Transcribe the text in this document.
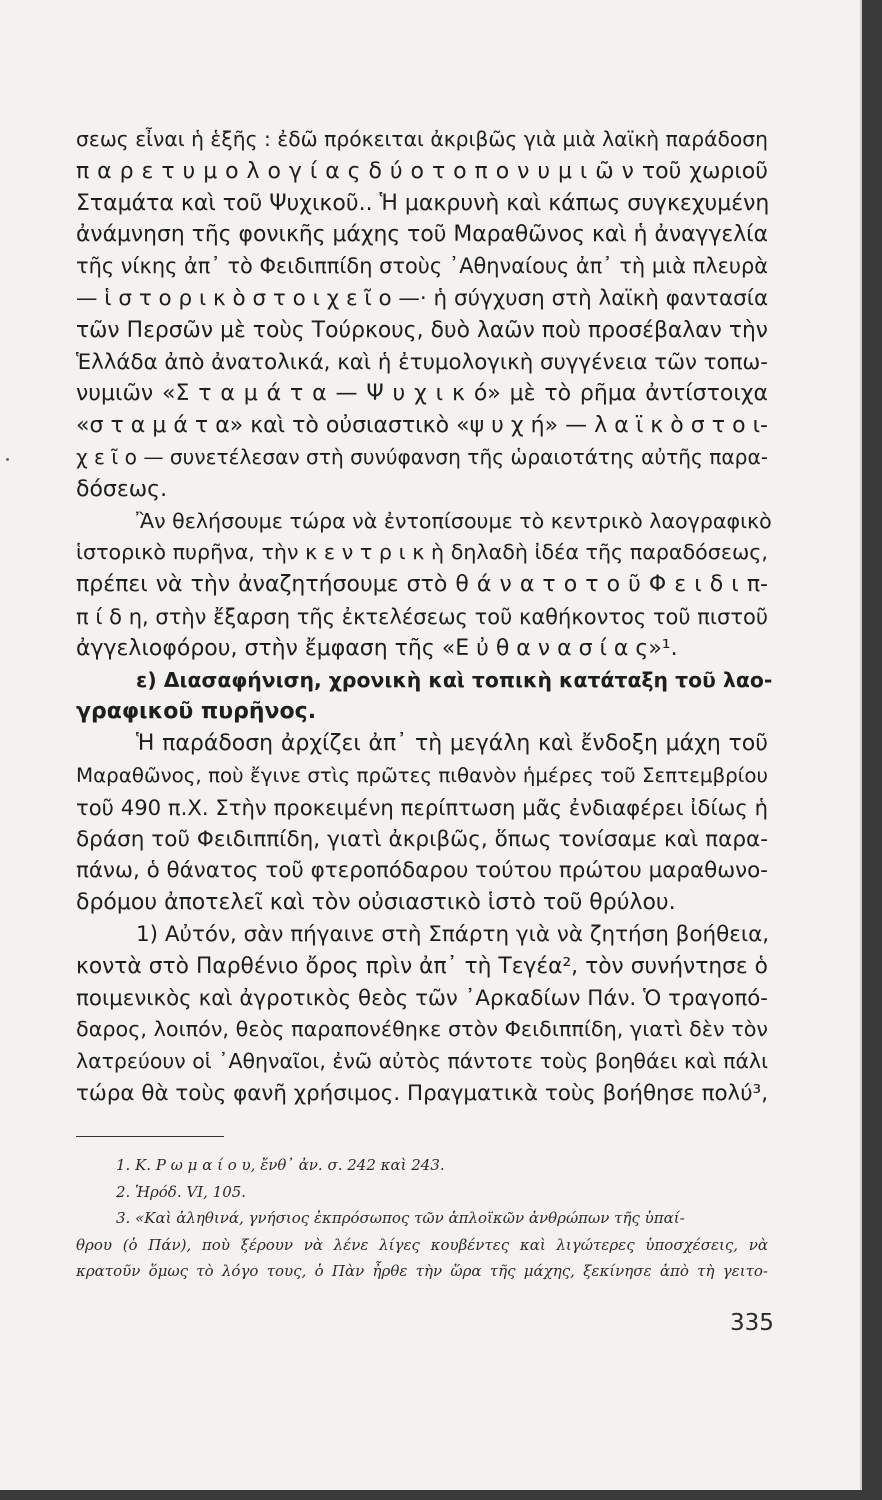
σεως εἶναι ἡ ἑξῆς : ἐδῶ πρόκειται ἀκριβῶς γιὰ μιὰ λαϊκὴ παράδοση
π α ρ ε τ υ μ ο λ ο γ ί α ς δ ύ ο τ ο π ο ν υ μ ι ῶ ν τοῦ χωριοῦ
Σταμάτα καὶ τοῦ Ψυχικοῦ.. Ἡ μακρυνὴ καὶ κάπως συγκεχυμένη
ἀνάμνηση τῆς φονικῆς μάχης τοῦ Μαραθῶνος καὶ ἡ ἀναγγελία
τῆς νίκης ἀπ᾽ τὸ Φειδιππίδη στοὺς ᾽Αθηναίους ἀπ᾽ τὴ μιὰ πλευρὰ
— ἱ σ τ ο ρ ι κ ὸ σ τ ο ι χ ε ῖ ο —· ἡ σύγχυση στὴ λαϊκὴ φαντασία
τῶν Περσῶν μὲ τοὺς Τούρκους, δυὸ λαῶν ποὺ προσέβαλαν τὴν
Ἑλλάδα ἀπὸ ἀνατολικά, καὶ ἡ ἐτυμολογικὴ συγγένεια τῶν τοπω-
νυμιῶν «Σ τ α μ ά τ α — Ψ υ χ ι κ ό» μὲ τὸ ρῆμα ἀντίστοιχα
«σ τ α μ ά τ α» καὶ τὸ οὐσιαστικὸ «ψ υ χ ή» — λ α ϊ κ ὸ σ τ ο ι-
χ ε ῖ ο — συνετέλεσαν στὴ συνύφανση τῆς ὡραιοτάτης αὐτῆς παρα-
δόσεως.
Ἂν θελήσουμε τώρα νὰ ἐντοπίσουμε τὸ κεντρικὸ λαογραφικὸ
ἱστορικὸ πυρῆνα, τὴν κ ε ν τ ρ ι κ ὴ δηλαδὴ ἰδέα τῆς παραδόσεως,
πρέπει νὰ τὴν ἀναζητήσουμε στὸ θ ά ν α τ ο τ ο ῦ Φ ε ι δ ι π-
π ί δ η, στὴν ἔξαρση τῆς ἐκτελέσεως τοῦ καθήκοντος τοῦ πιστοῦ
ἀγγελιοφόρου, στὴν ἔμφαση τῆς «Ε ὐ θ α ν α σ ί α ς»¹.
ε) Διασαφήνιση, χρονικὴ καὶ τοπικὴ κατάταξη τοῦ λαο-
γραφικοῦ πυρῆνος.
Ἡ παράδοση ἀρχίζει ἀπ᾽ τὴ μεγάλη καὶ ἔνδοξη μάχη τοῦ
Μαραθῶνος, ποὺ ἔγινε στὶς πρῶτες πιθανὸν ἡμέρες τοῦ Σεπτεμβρίου
τοῦ 490 π.Χ. Στὴν προκειμένη περίπτωση μᾶς ἐνδιαφέρει ἰδίως ἡ
δράση τοῦ Φειδιππίδη, γιατὶ ἀκριβῶς, ὅπως τονίσαμε καὶ παρα-
πάνω, ὁ θάνατος τοῦ φτεροπόδαρου τούτου πρώτου μαραθωνο-
δρόμου ἀποτελεῖ καὶ τὸν οὐσιαστικὸ ἱστὸ τοῦ θρύλου.
1) Αὐτόν, σὰν πήγαινε στὴ Σπάρτη γιὰ νὰ ζητήση βοήθεια,
κοντὰ στὸ Παρθένιο ὄρος πρὶν ἀπ᾽ τὴ Τεγέα², τὸν συνήντησε ὁ
ποιμενικὸς καὶ ἀγροτικὸς θεὸς τῶν ᾽Αρκαδίων Πάν. Ὁ τραγοπό-
δαρος, λοιπόν, θεὸς παραπονέθηκε στὸν Φειδιππίδη, γιατὶ δὲν τὸν
λατρεύουν οἱ ᾽Αθηναῖοι, ἐνῶ αὐτὸς πάντοτε τοὺς βοηθάει καὶ πάλι
τώρα θὰ τοὺς φανῆ χρήσιμος. Πραγματικὰ τοὺς βοήθησε πολύ³,
1. Κ. Ρ ω μ α ί ο υ, ἔνθ᾽ ἀν. σ. 242 καὶ 243.
2. Ἡρόδ. VI, 105.
3. «Καὶ ἀληθινά, γνήσιος ἐκπρόσωπος τῶν ἁπλοϊκῶν ἀνθρώπων τῆς ὑπαί-
θρου (ὁ Πάν), ποὺ ξέρουν νὰ λένε λίγες κουβέντες καὶ λιγώτερες ὑποσχέσεις, νὰ
κρατοῦν ὅμως τὸ λόγο τους, ὁ Πὰν ἦρθε τὴν ὥρα τῆς μάχης, ξεκίνησε ἀπὸ τὴ γειτο-
335
